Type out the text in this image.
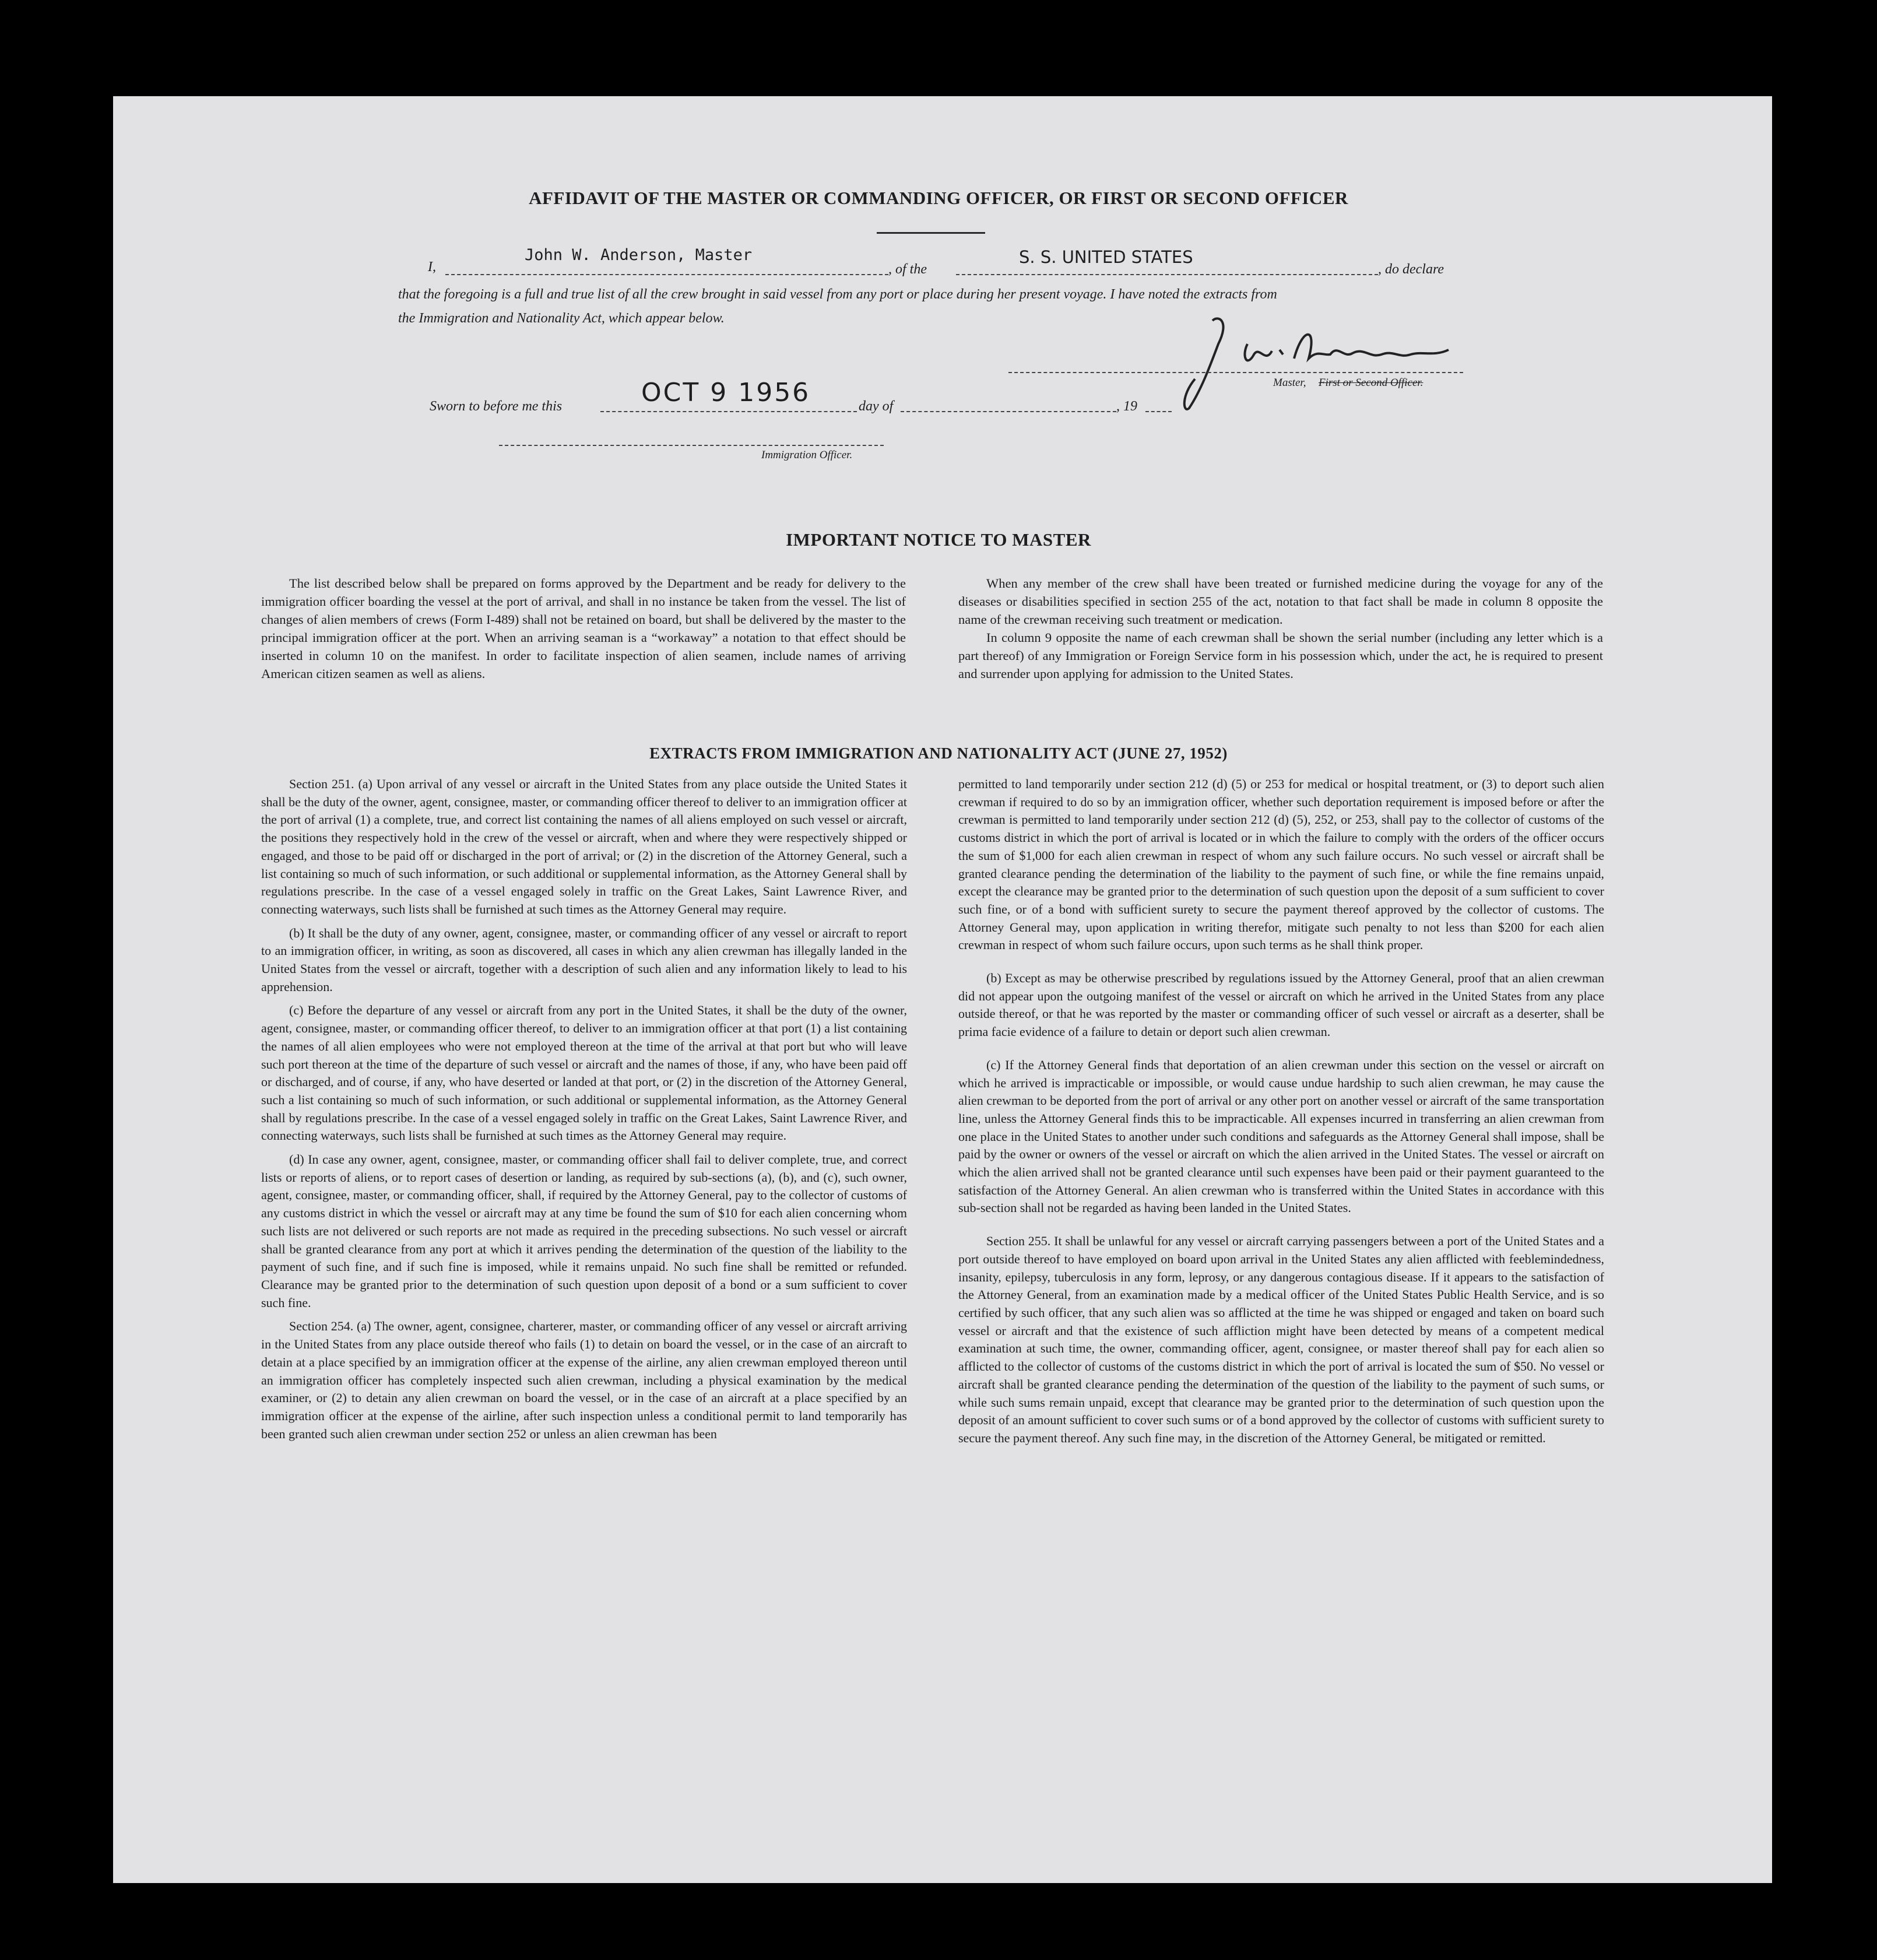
AFFIDAVIT OF THE MASTER OR COMMANDING OFFICER, OR FIRST OR SECOND OFFICER
I,
John W. Anderson, Master
, of the
S. S. UNITED STATES
, do declare
that the foregoing is a full and true list of all the crew brought in said vessel from any port or place during her present voyage. I have noted the extracts from
the Immigration and Nationality Act, which appear below.
Master, First or Second Officer.
Sworn to before me this	OCT 9 1956	day of	, 19
Immigration Officer.
IMPORTANT NOTICE TO MASTER

The list described below shall be prepared on forms approved by the Department and be ready for delivery to the immigration officer boarding the vessel at the port of arrival, and shall in no instance be taken from the vessel. The list of changes of alien members of crews (Form I-489) shall not be retained on board, but shall be delivered by the master to the principal immigration officer at the port. When an arriving seaman is a “workaway” a notation to that effect should be inserted in column 10 on the manifest. In order to facilitate inspection of alien seamen, include names of arriving American citizen seamen as well as aliens.

When any member of the crew shall have been treated or furnished medicine during the voyage for any of the diseases or disabilities specified in section 255 of the act, notation to that fact shall be made in column 8 opposite the name of the crewman receiving such treatment or medication.

In column 9 opposite the name of each crewman shall be shown the serial number (including any letter which is a part thereof) of any Immigration or Foreign Service form in his possession which, under the act, he is required to present and surrender upon applying for admission to the United States.

EXTRACTS FROM IMMIGRATION AND NATIONALITY ACT (JUNE 27, 1952)

Section 251. (a) Upon arrival of any vessel or aircraft in the United States from any place outside the United States it shall be the duty of the owner, agent, consignee, master, or commanding officer thereof to deliver to an immigration officer at the port of arrival (1) a complete, true, and correct list containing the names of all aliens employed on such vessel or aircraft, the positions they respectively hold in the crew of the vessel or aircraft, when and where they were respectively shipped or engaged, and those to be paid off or discharged in the port of arrival; or (2) in the discretion of the Attorney General, such a list containing so much of such information, or such additional or supplemental information, as the Attorney General shall by regulations prescribe. In the case of a vessel engaged solely in traffic on the Great Lakes, Saint Lawrence River, and connecting waterways, such lists shall be furnished at such times as the Attorney General may require.

(b) It shall be the duty of any owner, agent, consignee, master, or commanding officer of any vessel or aircraft to report to an immigration officer, in writing, as soon as discovered, all cases in which any alien crewman has illegally landed in the United States from the vessel or aircraft, together with a description of such alien and any information likely to lead to his apprehension.

(c) Before the departure of any vessel or aircraft from any port in the United States, it shall be the duty of the owner, agent, consignee, master, or commanding officer thereof, to deliver to an immigration officer at that port (1) a list containing the names of all alien employees who were not employed thereon at the time of the arrival at that port but who will leave such port thereon at the time of the departure of such vessel or aircraft and the names of those, if any, who have been paid off or discharged, and of course, if any, who have deserted or landed at that port, or (2) in the discretion of the Attorney General, such a list containing so much of such information, or such additional or supplemental information, as the Attorney General shall by regulations prescribe. In the case of a vessel engaged solely in traffic on the Great Lakes, Saint Lawrence River, and connecting waterways, such lists shall be furnished at such times as the Attorney General may require.

(d) In case any owner, agent, consignee, master, or commanding officer shall fail to deliver complete, true, and correct lists or reports of aliens, or to report cases of desertion or landing, as required by sub-sections (a), (b), and (c), such owner, agent, consignee, master, or commanding officer, shall, if required by the Attorney General, pay to the collector of customs of any customs district in which the vessel or aircraft may at any time be found the sum of $10 for each alien concerning whom such lists are not delivered or such reports are not made as required in the preceding subsections. No such vessel or aircraft shall be granted clearance from any port at which it arrives pending the determination of the question of the liability to the payment of such fine, and if such fine is imposed, while it remains unpaid. No such fine shall be remitted or refunded. Clearance may be granted prior to the determination of such question upon deposit of a bond or a sum sufficient to cover such fine.

Section 254. (a) The owner, agent, consignee, charterer, master, or commanding officer of any vessel or aircraft arriving in the United States from any place outside thereof who fails (1) to detain on board the vessel, or in the case of an aircraft to detain at a place specified by an immigration officer at the expense of the airline, any alien crewman employed thereon until an immigration officer has completely inspected such alien crewman, including a physical examination by the medical examiner, or (2) to detain any alien crewman on board the vessel, or in the case of an aircraft at a place specified by an immigration officer at the expense of the airline, after such inspection unless a conditional permit to land temporarily has been granted such alien crewman under section 252 or unless an alien crewman has been

permitted to land temporarily under section 212 (d) (5) or 253 for medical or hospital treatment, or (3) to deport such alien crewman if required to do so by an immigration officer, whether such deportation requirement is imposed before or after the crewman is permitted to land temporarily under section 212 (d) (5), 252, or 253, shall pay to the collector of customs of the customs district in which the port of arrival is located or in which the failure to comply with the orders of the officer occurs the sum of $1,000 for each alien crewman in respect of whom any such failure occurs. No such vessel or aircraft shall be granted clearance pending the determination of the liability to the payment of such fine, or while the fine remains unpaid, except the clearance may be granted prior to the determination of such question upon the deposit of a sum sufficient to cover such fine, or of a bond with sufficient surety to secure the payment thereof approved by the collector of customs. The Attorney General may, upon application in writing therefor, mitigate such penalty to not less than $200 for each alien crewman in respect of whom such failure occurs, upon such terms as he shall think proper.

(b) Except as may be otherwise prescribed by regulations issued by the Attorney General, proof that an alien crewman did not appear upon the outgoing manifest of the vessel or aircraft on which he arrived in the United States from any place outside thereof, or that he was reported by the master or commanding officer of such vessel or aircraft as a deserter, shall be prima facie evidence of a failure to detain or deport such alien crewman.

(c) If the Attorney General finds that deportation of an alien crewman under this section on the vessel or aircraft on which he arrived is impracticable or impossible, or would cause undue hardship to such alien crewman, he may cause the alien crewman to be deported from the port of arrival or any other port on another vessel or aircraft of the same transportation line, unless the Attorney General finds this to be impracticable. All expenses incurred in transferring an alien crewman from one place in the United States to another under such conditions and safeguards as the Attorney General shall impose, shall be paid by the owner or owners of the vessel or aircraft on which the alien arrived in the United States. The vessel or aircraft on which the alien arrived shall not be granted clearance until such expenses have been paid or their payment guaranteed to the satisfaction of the Attorney General. An alien crewman who is transferred within the United States in accordance with this sub-section shall not be regarded as having been landed in the United States.

Section 255. It shall be unlawful for any vessel or aircraft carrying passengers between a port of the United States and a port outside thereof to have employed on board upon arrival in the United States any alien afflicted with feeblemindedness, insanity, epilepsy, tuberculosis in any form, leprosy, or any dangerous contagious disease. If it appears to the satisfaction of the Attorney General, from an examination made by a medical officer of the United States Public Health Service, and is so certified by such officer, that any such alien was so afflicted at the time he was shipped or engaged and taken on board such vessel or aircraft and that the existence of such affliction might have been detected by means of a competent medical examination at such time, the owner, commanding officer, agent, consignee, or master thereof shall pay for each alien so afflicted to the collector of customs of the customs district in which the port of arrival is located the sum of $50. No vessel or aircraft shall be granted clearance pending the determination of the question of the liability to the payment of such sums, or while such sums remain unpaid, except that clearance may be granted prior to the determination of such question upon the deposit of an amount sufficient to cover such sums or of a bond approved by the collector of customs with sufficient surety to secure the payment thereof. Any such fine may, in the discretion of the Attorney General, be mitigated or remitted.
